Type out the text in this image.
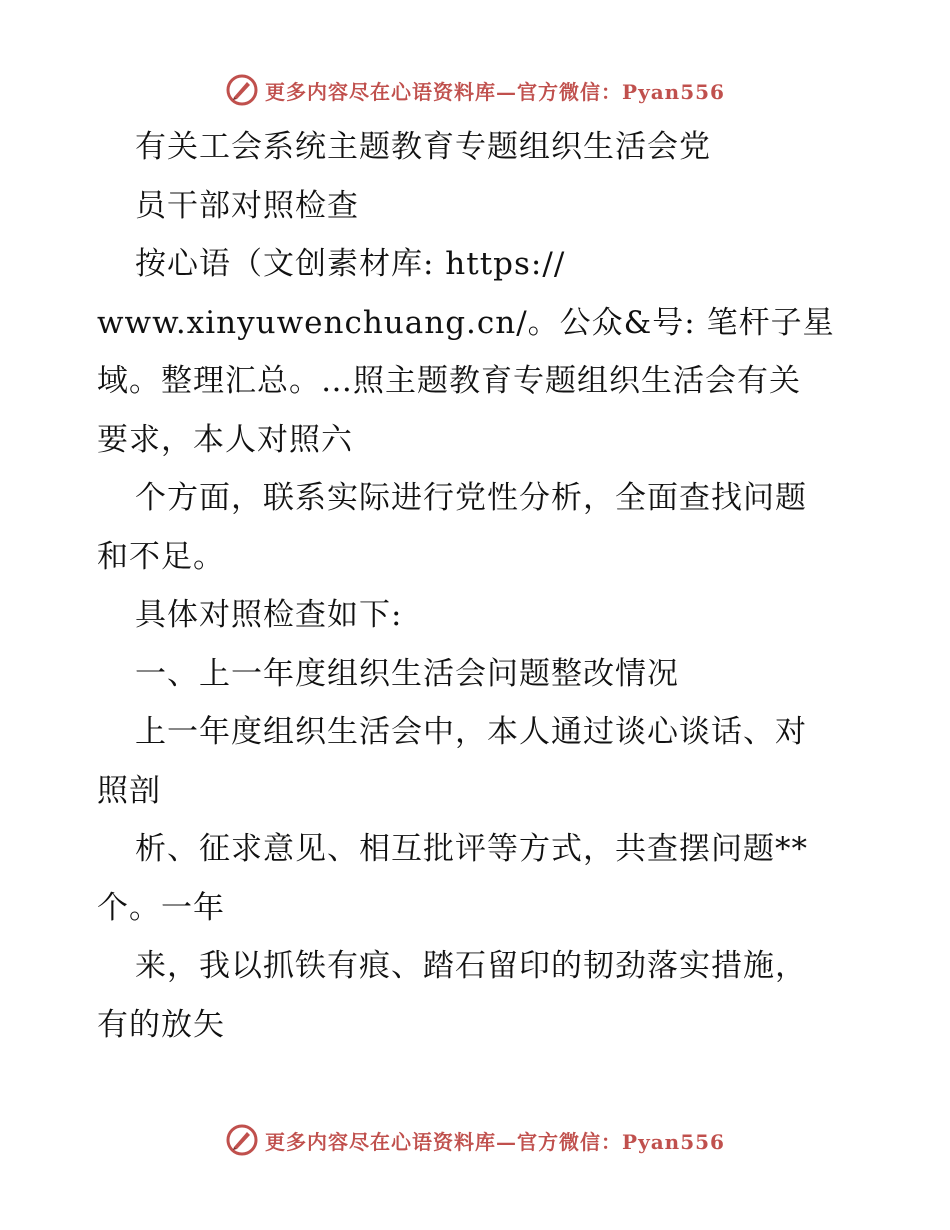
更多内容尽在心语资料库—官方微信：Pyan556
有关工会系统主题教育专题组织生活会党
员干部对照检查
按心语（文创素材库: https://
www.xinyuwenchuang.cn/。公众&号: 笔杆子星
域。整理汇总。…照主题教育专题组织生活会有关
要求，本人对照六
个方面，联系实际进行党性分析，全面查找问题
和不足。
具体对照检查如下:
一、上一年度组织生活会问题整改情况
上一年度组织生活会中，本人通过谈心谈话、对
照剖
析、征求意见、相互批评等方式，共查摆问题**
个。一年
来，我以抓铁有痕、踏石留印的韧劲落实措施，
有的放矢
更多内容尽在心语资料库—官方微信：Pyan556
